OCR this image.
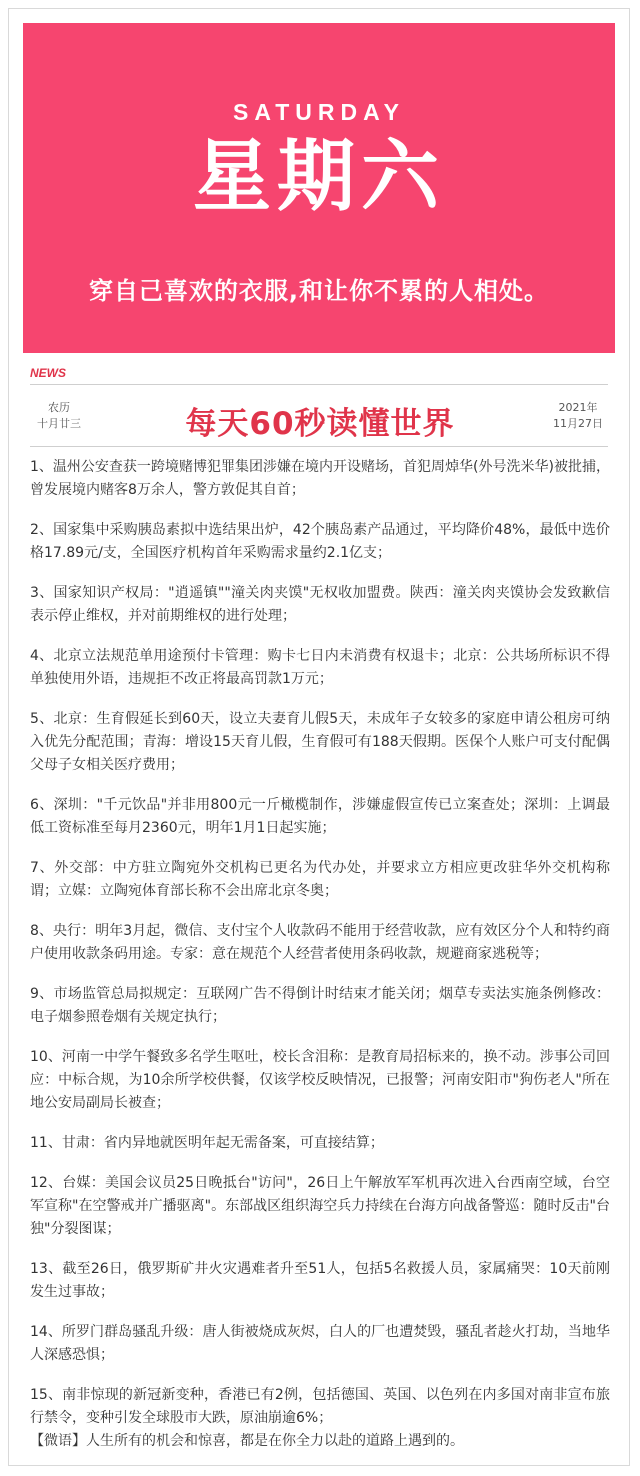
SATURDAY
星期六
穿自己喜欢的衣服,和让你不累的人相处。
NEWS
农历
十月廿三	每天60秒读懂世界	2021年
11月27日
1、温州公安查获一跨境赌博犯罪集团涉嫌在境内开设赌场，首犯周焯华(外号洗米华)被批捕，曾发展境内赌客8万余人，警方敦促其自首；
2、国家集中采购胰岛素拟中选结果出炉，42个胰岛素产品通过，平均降价48%，最低中选价格17.89元/支，全国医疗机构首年采购需求量约2.1亿支；
3、国家知识产权局："逍遥镇""潼关肉夹馍"无权收加盟费。陕西：潼关肉夹馍协会发致歉信表示停止维权，并对前期维权的进行处理；
4、北京立法规范单用途预付卡管理：购卡七日内未消费有权退卡；北京：公共场所标识不得单独使用外语，违规拒不改正将最高罚款1万元；
5、北京：生育假延长到60天，设立夫妻育儿假5天，未成年子女较多的家庭申请公租房可纳入优先分配范围；青海：增设15天育儿假，生育假可有188天假期。医保个人账户可支付配偶父母子女相关医疗费用；
6、深圳："千元饮品"并非用800元一斤橄榄制作，涉嫌虚假宣传已立案查处；深圳：上调最低工资标准至每月2360元，明年1月1日起实施；
7、外交部：中方驻立陶宛外交机构已更名为代办处，并要求立方相应更改驻华外交机构称谓；立媒：立陶宛体育部长称不会出席北京冬奥；
8、央行：明年3月起，微信、支付宝个人收款码不能用于经营收款，应有效区分个人和特约商户使用收款条码用途。专家：意在规范个人经营者使用条码收款，规避商家逃税等；
9、市场监管总局拟规定：互联网广告不得倒计时结束才能关闭；烟草专卖法实施条例修改：电子烟参照卷烟有关规定执行；
10、河南一中学午餐致多名学生呕吐，校长含泪称：是教育局招标来的，换不动。涉事公司回应：中标合规，为10余所学校供餐，仅该学校反映情况，已报警；河南安阳市"狗伤老人"所在地公安局副局长被查；
11、甘肃：省内异地就医明年起无需备案，可直接结算；
12、台媒：美国会议员25日晚抵台"访问"，26日上午解放军军机再次进入台西南空域，台空军宣称"在空警戒并广播驱离"。东部战区组织海空兵力持续在台海方向战备警巡：随时反击"台独"分裂图谋；
13、截至26日，俄罗斯矿井火灾遇难者升至51人，包括5名救援人员，家属痛哭：10天前刚发生过事故；
14、所罗门群岛骚乱升级：唐人街被烧成灰烬，白人的厂也遭焚毁，骚乱者趁火打劫，当地华人深感恐惧；
15、南非惊现的新冠新变种，香港已有2例，包括德国、英国、以色列在内多国对南非宣布旅行禁令，变种引发全球股市大跌，原油崩逾6%；
【微语】人生所有的机会和惊喜，都是在你全力以赴的道路上遇到的。
